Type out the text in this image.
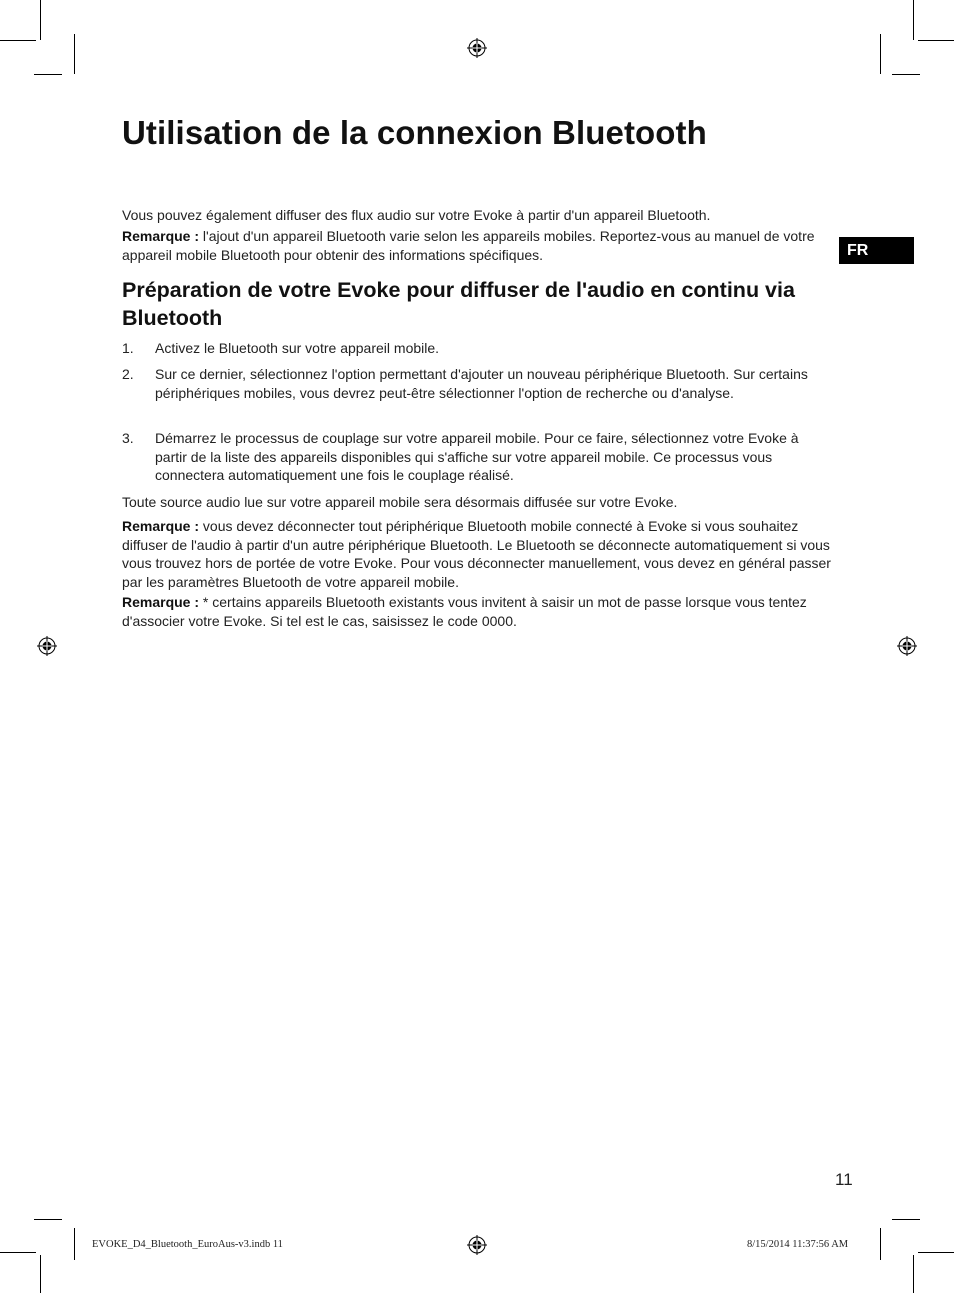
Utilisation de la connexion Bluetooth

Vous pouvez également diffuser des flux audio sur votre Evoke à partir d'un appareil Bluetooth.

Remarque : l'ajout d'un appareil Bluetooth varie selon les appareils mobiles. Reportez-vous au manuel de votre appareil mobile Bluetooth pour obtenir des informations spécifiques.	FR
Préparation de votre Evoke pour diffuser de l'audio en continu via Bluetooth
1. Activez le Bluetooth sur votre appareil mobile.
2. Sur ce dernier, sélectionnez l'option permettant d'ajouter un nouveau périphérique Bluetooth. Sur certains périphériques mobiles, vous devrez peut-être sélectionner l'option de recherche ou d'analyse.
3. Démarrez le processus de couplage sur votre appareil mobile. Pour ce faire, sélectionnez votre Evoke à partir de la liste des appareils disponibles qui s'affiche sur votre appareil mobile. Ce processus vous connectera automatiquement une fois le couplage réalisé.

Toute source audio lue sur votre appareil mobile sera désormais diffusée sur votre Evoke.

Remarque : vous devez déconnecter tout périphérique Bluetooth mobile connecté à Evoke si vous souhaitez diffuser de l'audio à partir d'un autre périphérique Bluetooth. Le Bluetooth se déconnecte automatiquement si vous vous trouvez hors de portée de votre Evoke. Pour vous déconnecter manuellement, vous devez en général passer par les paramètres Bluetooth de votre appareil mobile.

Remarque : * certains appareils Bluetooth existants vous invitent à saisir un mot de passe lorsque vous tentez d'associer votre Evoke. Si tel est le cas, saisissez le code 0000.

11
EVOKE_D4_Bluetooth_EuroAus-v3.indb 11	8/15/2014 11:37:56 AM
